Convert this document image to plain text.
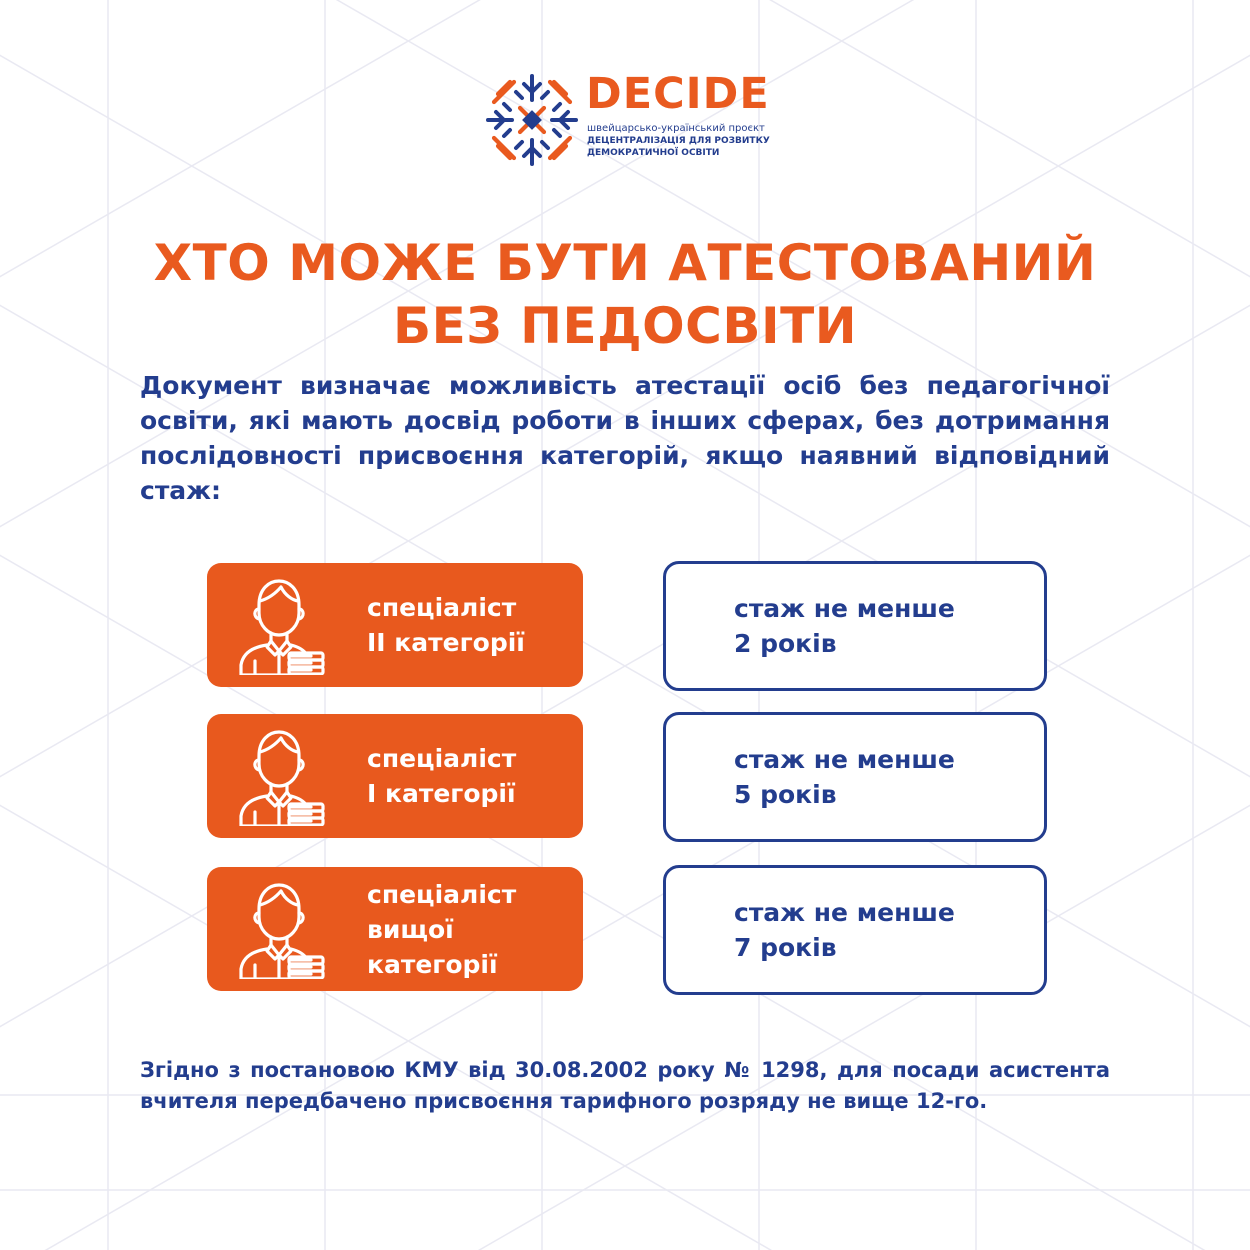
DECIDE
швейцарсько-український проєкт
ДЕЦЕНТРАЛІЗАЦІЯ ДЛЯ РОЗВИТКУ
ДЕМОКРАТИЧНОЇ ОСВІТИ
ХТО МОЖЕ БУТИ АТЕСТОВАНИЙ
БЕЗ ПЕДОСВІТИ
Документ визначає можливість атестації осіб без педагогічної освіти, які мають досвід роботи в інших сферах, без дотримання послідовності присвоєння категорій, якщо наявний відповідний стаж:
спеціаліст
ІІ категорії
стаж не менше
2 років
спеціаліст
І категорії
стаж не менше
5 років
спеціаліст
вищої
категорії
стаж не менше
7 років
Згідно з постановою КМУ від 30.08.2002 року № 1298, для посади асистента вчителя передбачено присвоєння тарифного розряду не вище 12-го.
